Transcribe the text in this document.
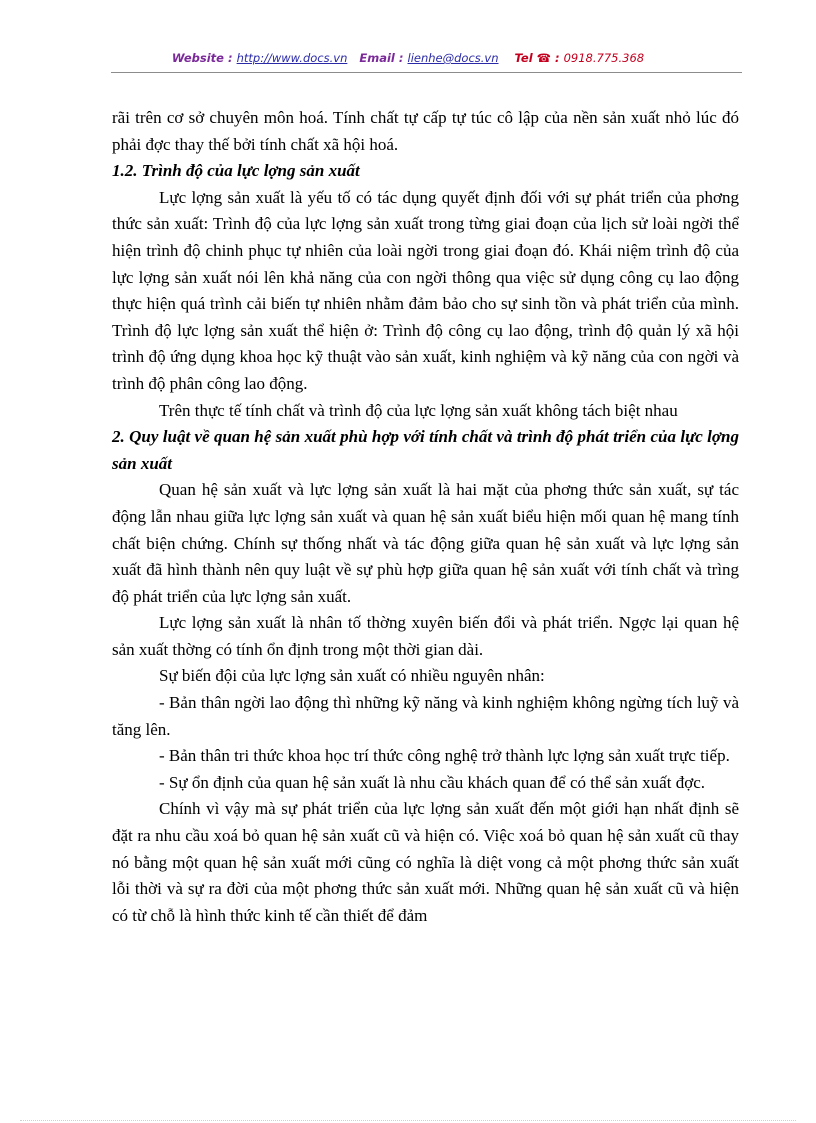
Website : http://www.docs.vn Email : lienhe@docs.vn Tel ☎ : 0918.775.368

rãi trên cơ sở chuyên môn hoá. Tính chất tự cấp tự túc cô lập của nền sản xuất nhỏ lúc đó phải đợc thay thế bởi tính chất xã hội hoá.

1.2. Trình độ của lực lợng sản xuất

Lực lợng sản xuất là yếu tố có tác dụng quyết định đối với sự phát triển của phơng thức sản xuất: Trình độ của lực lợng sản xuất trong từng giai đoạn của lịch sử loài ngời thể hiện trình độ chinh phục tự nhiên của loài ngời trong giai đoạn đó. Khái niệm trình độ của lực lợng sản xuất nói lên khả năng của con ngời thông qua việc sử dụng công cụ lao động thực hiện quá trình cải biến tự nhiên nhằm đảm bảo cho sự sinh tồn và phát triển của mình. Trình độ lực lợng sản xuất thể hiện ở: Trình độ công cụ lao động, trình độ quản lý xã hội trình độ ứng dụng khoa học kỹ thuật vào sản xuất, kinh nghiệm và kỹ năng của con ngời và trình độ phân công lao động.

Trên thực tế tính chất và trình độ của lực lợng sản xuất không tách biệt nhau

2. Quy luật về quan hệ sản xuất phù hợp với tính chất và trình độ phát triển của lực lợng sản xuất

Quan hệ sản xuất và lực lợng sản xuất là hai mặt của phơng thức sản xuất, sự tác động lẫn nhau giữa lực lợng sản xuất và quan hệ sản xuất biểu hiện mối quan hệ mang tính chất biện chứng. Chính sự thống nhất và tác động giữa quan hệ sản xuất và lực lợng sản xuất đã hình thành nên quy luật về sự phù hợp giữa quan hệ sản xuất với tính chất và trìng độ phát triển của lực lợng sản xuất.

Lực lợng sản xuất là nhân tố thờng xuyên biến đổi và phát triển. Ngợc lại quan hệ sản xuất thờng có tính ổn định trong một thời gian dài.

Sự biến đội của lực lợng sản xuất có nhiều nguyên nhân:

- Bản thân ngời lao động thì những kỹ năng và kinh nghiệm không ngừng tích luỹ và tăng lên.

- Bản thân tri thức khoa học trí thức công nghệ trở thành lực lợng sản xuất trực tiếp.

- Sự ổn định của quan hệ sản xuất là nhu cầu khách quan để có thể sản xuất đợc.

Chính vì vậy mà sự phát triển của lực lợng sản xuất đến một giới hạn nhất định sẽ đặt ra nhu cầu xoá bỏ quan hệ sản xuất cũ và hiện có. Việc xoá bỏ quan hệ sản xuất cũ thay nó bằng một quan hệ sản xuất mới cũng có nghĩa là diệt vong cả một phơng thức sản xuất lỗi thời và sự ra đời của một phơng thức sản xuất mới. Những quan hệ sản xuất cũ và hiện có từ chỗ là hình thức kinh tế cần thiết để đảm
